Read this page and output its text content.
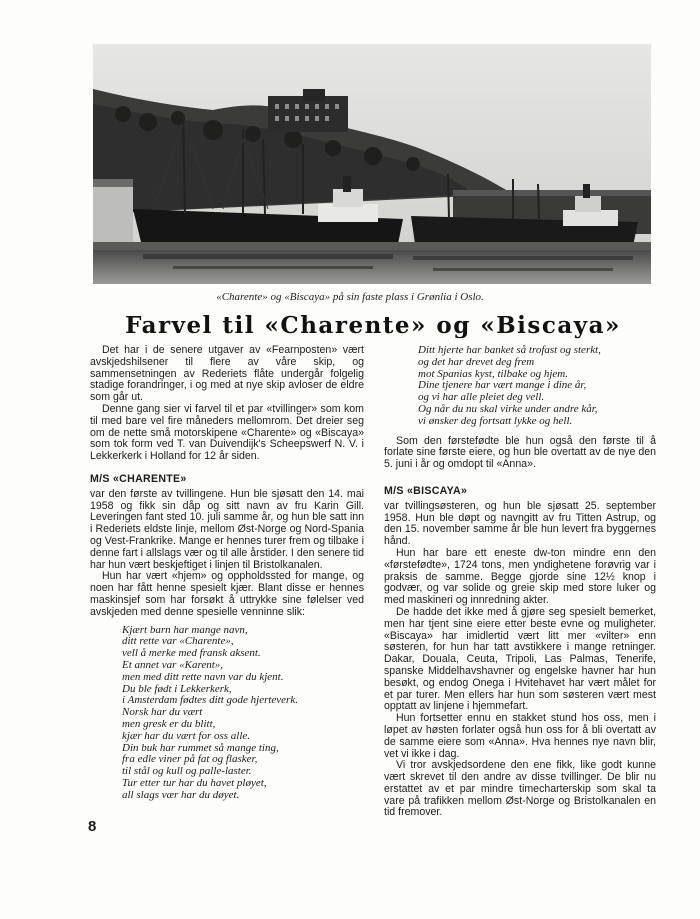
«Charente» og «Biscaya» på sin faste plass i Grønlia i Oslo.
Farvel til «Charente» og «Biscaya»

Det har i de senere utgaver av «Fearnposten» vært avskjedshilsener til flere av våre skip, og sammensetningen av Rederiets flåte undergår folgelig stadige forandringer, i og med at nye skip avloser de eldre som går ut.

Denne gang sier vi farvel til et par «tvillinger» som kom til med bare vel fire måneders mellomrom. Det dreier seg om de nette små motorskipene «Charente» og «Biscaya» som tok form ved T. van Duivendijk's Scheepswerf N. V. i Lekkerkerk i Holland for 12 år siden.

M/S «CHARENTE»

var den første av tvillingene. Hun ble sjøsatt den 14. mai 1958 og fikk sin dåp og sitt navn av fru Karin Gill. Leveringen fant sted 10. juli samme år, og hun ble satt inn i Rederiets eldste linje, mellom Øst-Norge og Nord-Spania og Vest-Frankrike. Mange er hennes turer frem og tilbake i denne fart i allslags vær og til alle årstider. I den senere tid har hun vært beskjeftiget i linjen til Bristolkanalen.

Hun har vært «hjem» og oppholdssted for mange, og noen har fått henne spesielt kjær. Blant disse er hennes maskinsjef som har forsøkt å uttrykke sine følelser ved avskjeden med denne spesielle venninne slik:

Kjært barn har mange navn,
ditt rette var «Charente»,
vell å merke med fransk aksent.
Et annet var «Karent»,
men med ditt rette navn var du kjent.
Du ble født i Lekkerkerk,
i Amsterdam fødtes ditt gode hjerteverk.
Norsk har du vært
men gresk er du blitt,
kjær har du vært for oss alle.
Din buk har rummet så mange ting,
fra edle viner på fat og flasker,
til stål og kull og palle-laster.
Tur etter tur har du havet pløyet,
all slags vær har du døyet.
Ditt hjerte har banket så trofast og sterkt,
og det har drevet deg frem
mot Spanias kyst, tilbake og hjem.
Dine tjenere har vært mange i dine år,
og vi har alle pleiet deg vell.
Og når du nu skal virke under andre kår,
vi ønsker deg fortsatt lykke og hell.

Som den førstefødte ble hun også den første til å forlate sine første eiere, og hun ble overtatt av de nye den 5. juni i år og omdopt til «Anna».

M/S «BISCAYA»

var tvillingsøsteren, og hun ble sjøsatt 25. september 1958. Hun ble døpt og navngitt av fru Titten Astrup, og den 15. november samme år ble hun levert fra byggernes hånd.

Hun har bare ett eneste dw-ton mindre enn den «førstefødte», 1724 tons, men yndighetene forøvrig var i praksis de samme. Begge gjorde sine 12½ knop i godvær, og var solide og greie skip med store luker og med maskineri og innredning akter.

De hadde det ikke med å gjøre seg spesielt bemerket, men har tjent sine eiere etter beste evne og muligheter. «Biscaya» har imidlertid vært litt mer «vilter» enn søsteren, for hun har tatt avstikkere i mange retninger. Dakar, Douala, Ceuta, Tripoli, Las Palmas, Tenerife, spanske Middelhavshavner og engelske havner har hun besøkt, og endog Onega i Hvitehavet har vært målet for et par turer. Men ellers har hun som søsteren vært mest opptatt av linjene i hjemmefart.

Hun fortsetter ennu en stakket stund hos oss, men i løpet av høsten forlater også hun oss for å bli overtatt av de samme eiere som «Anna». Hva hennes nye navn blir, vet vi ikke i dag.

Vi tror avskjedsordene den ene fikk, like godt kunne vært skrevet til den andre av disse tvillinger. De blir nu erstattet av et par mindre timecharterskip som skal ta vare på trafikken mellom Øst-Norge og Bristolkanalen en tid fremover.

8
